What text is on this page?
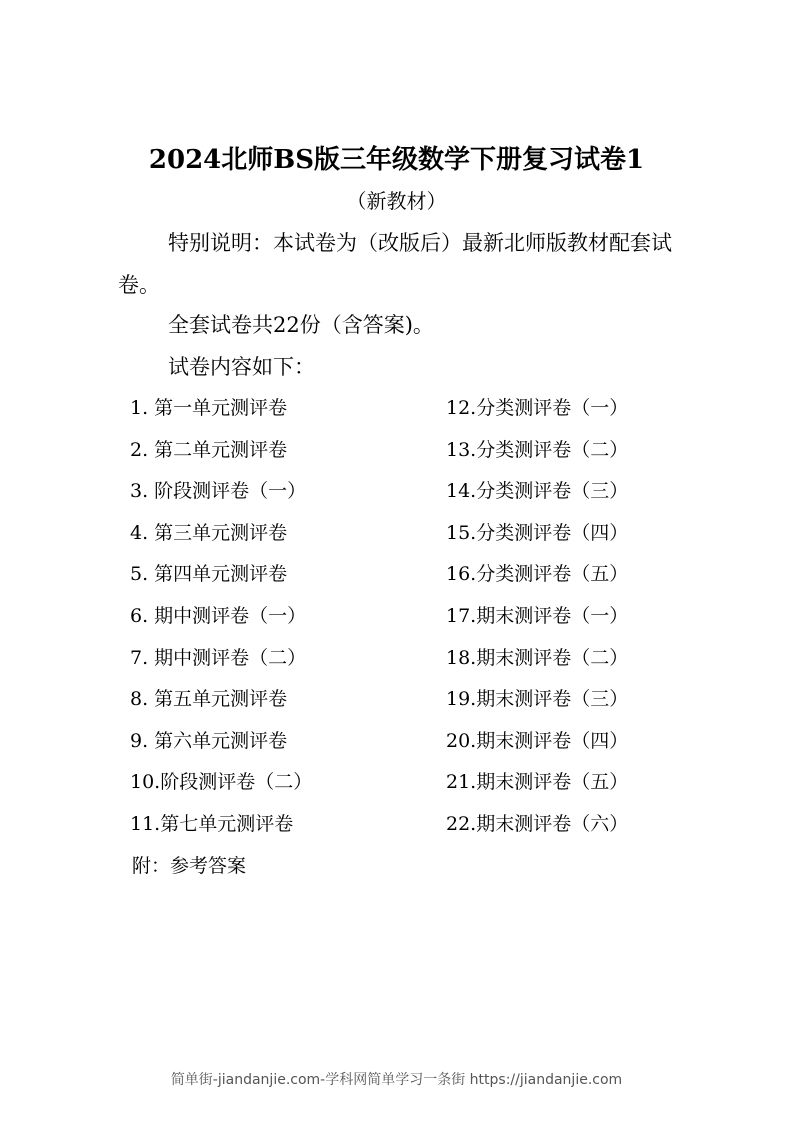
2024北师BS版三年级数学下册复习试卷1
（新教材）

特别说明：本试卷为（改版后）最新北师版教材配套试卷。

全套试卷共22份（含答案)。
试卷内容如下：
1. 第一单元测评卷	12.分类测评卷（一）
2. 第二单元测评卷	13.分类测评卷（二）
3. 阶段测评卷（一）	14.分类测评卷（三）
4. 第三单元测评卷	15.分类测评卷（四）
5. 第四单元测评卷	16.分类测评卷（五）
6. 期中测评卷（一）	17.期末测评卷（一）
7. 期中测评卷（二）	18.期末测评卷（二）
8. 第五单元测评卷	19.期末测评卷（三）
9. 第六单元测评卷	20.期末测评卷（四）
10.阶段测评卷（二）	21.期末测评卷（五）
11.第七单元测评卷	22.期末测评卷（六）
附：参考答案
简单街-jiandanjie.com-学科网简单学习一条街 https://jiandanjie.com
